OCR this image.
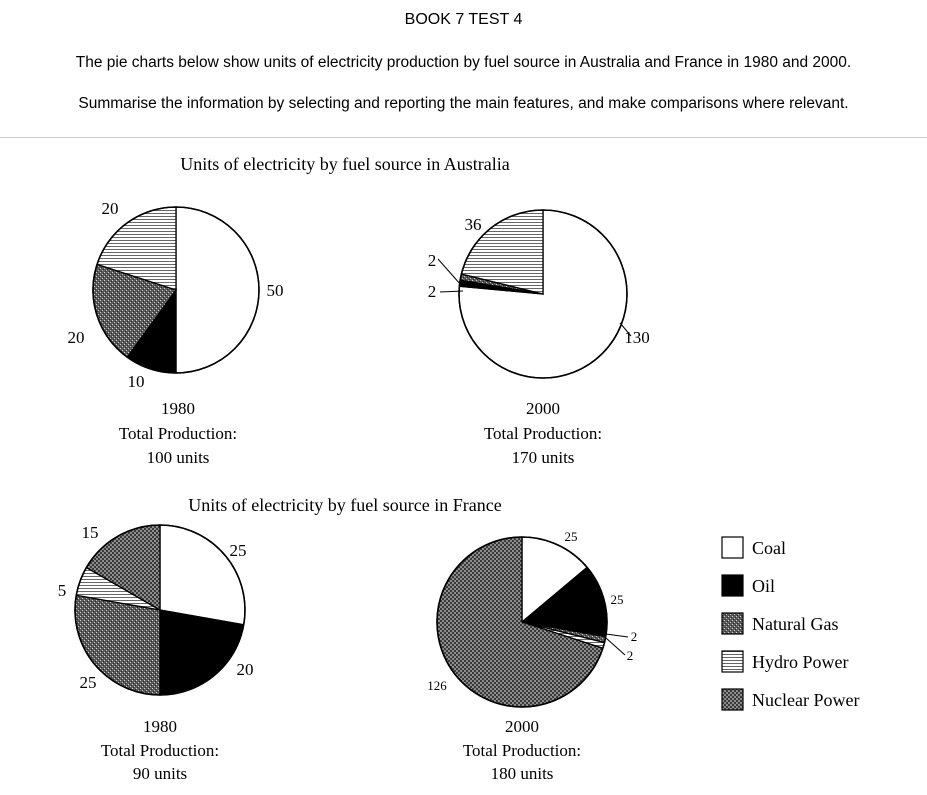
BOOK 7 TEST 4
The pie charts below show units of electricity production by fuel source in Australia and France in 1980 and 2000.
Summarise the information by selecting and reporting the main features, and make comparisons where relevant.
Units of electricity by fuel source in Australia
Units of electricity by fuel source in France
50
10
20
20
130
2
2
36
25
20
25
5
15	25
25
2
2
126
1980
Total Production:
100 units
2000
Total Production:
170 units
1980
Total Production:
90 units
2000
Total Production:
180 units
Coal
Oil
Natural Gas
Hydro Power
Nuclear Power
